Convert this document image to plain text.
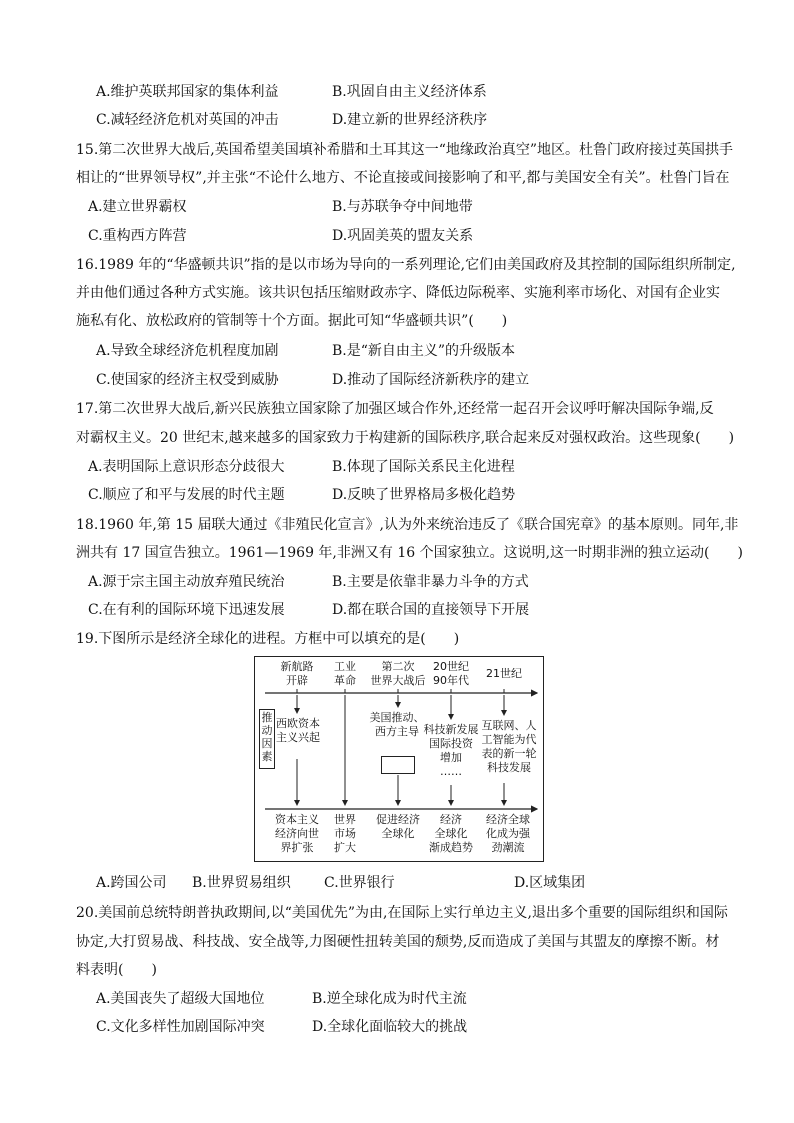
A.维护英联邦国家的集体利益	B.巩固自由主义经济体系
C.减轻经济危机对英国的冲击	D.建立新的世界经济秩序
15.第二次世界大战后,英国希望美国填补希腊和土耳其这一“地缘政治真空”地区。杜鲁门政府接过英国拱手
相让的“世界领导权”,并主张“不论什么地方、不论直接或间接影响了和平,都与美国安全有关”。杜鲁门旨在
A.建立世界霸权	B.与苏联争夺中间地带
C.重构西方阵营	D.巩固美英的盟友关系
16.1989 年的“华盛顿共识”指的是以市场为导向的一系列理论,它们由美国政府及其控制的国际组织所制定,
并由他们通过各种方式实施。该共识包括压缩财政赤字、降低边际税率、实施利率市场化、对国有企业实
施私有化、放松政府的管制等十个方面。据此可知“华盛顿共识”(　　)
A.导致全球经济危机程度加剧	B.是“新自由主义”的升级版本
C.使国家的经济主权受到威胁	D.推动了国际经济新秩序的建立
17.第二次世界大战后,新兴民族独立国家除了加强区域合作外,还经常一起召开会议呼吁解决国际争端,反
对霸权主义。20 世纪末,越来越多的国家致力于构建新的国际秩序,联合起来反对强权政治。这些现象(　　)
A.表明国际上意识形态分歧很大	B.体现了国际关系民主化进程
C.顺应了和平与发展的时代主题	D.反映了世界格局多极化趋势
18.1960 年,第 15 届联大通过《非殖民化宣言》,认为外来统治违反了《联合国宪章》的基本原则。同年,非
洲共有 17 国宣告独立。1961—1969 年,非洲又有 16 个国家独立。这说明,这一时期非洲的独立运动(　　)
A.源于宗主国主动放弃殖民统治	B.主要是依靠非暴力斗争的方式
C.在有利的国际环境下迅速发展	D.都在联合国的直接领导下开展
19.下图所示是经济全球化的进程。方框中可以填充的是(　　)
新航路
开辟
工业
革命
第二次
世界大战后
20世纪
90年代
21世纪
推
动
因
素
西欧资本
主义兴起
美国推动、
西方主导 科技新发展
国际投资
增加
……
互联网、人
工智能为代
表的新一轮
科技发展
资本主义
经济向世
界扩张
世界
市场
扩大
促进经济
全球化
经济
全球化
渐成趋势
经济全球
化成为强
劲潮流
A.跨国公司 B.世界贸易组织 C.世界银行	D.区域集团
20.美国前总统特朗普执政期间,以“美国优先”为由,在国际上实行单边主义,退出多个重要的国际组织和国际
协定,大打贸易战、科技战、安全战等,力图硬性扭转美国的颓势,反而造成了美国与其盟友的摩擦不断。材
料表明(　　)
A.美国丧失了超级大国地位	B.逆全球化成为时代主流
C.文化多样性加剧国际冲突	D.全球化面临较大的挑战
